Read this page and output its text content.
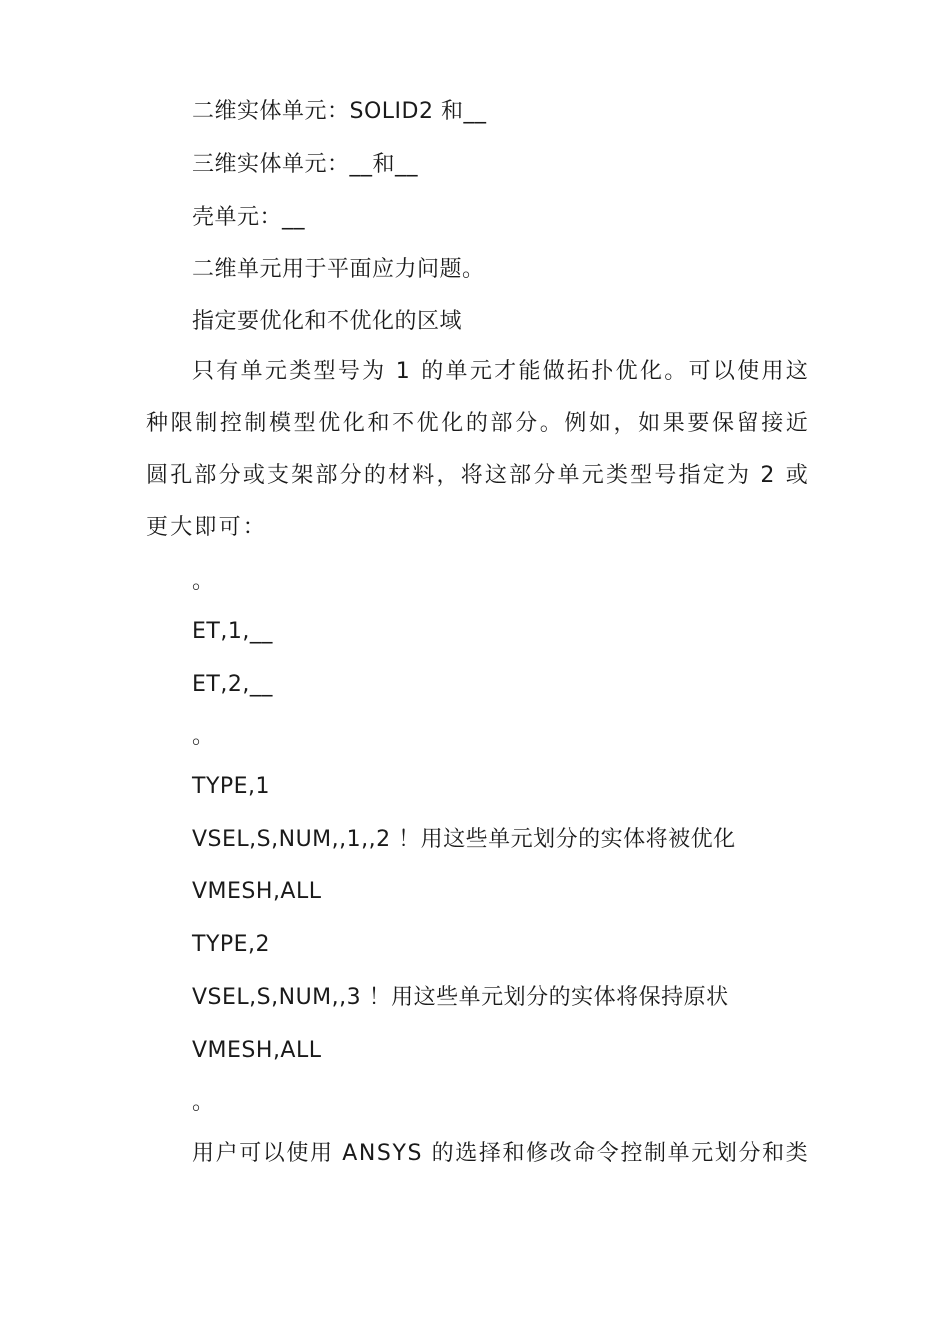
二维实体单元：SOLID2 和__
三维实体单元：__和__
壳单元：__
二维单元用于平面应力问题。
指定要优化和不优化的区域
只有单元类型号为 1 的单元才能做拓扑优化。可以使用这种限制控制模型优化和不优化的部分。例如，如果要保留接近圆孔部分或支架部分的材料，将这部分单元类型号指定为 2 或更大即可：
。
ET,1,__
ET,2,__
。
TYPE,1
VSEL,S,NUM,,1,,2 ！用这些单元划分的实体将被优化
VMESH,ALL
TYPE,2
VSEL,S,NUM,,3 ！用这些单元划分的实体将保持原状
VMESH,ALL
。
用户可以使用 ANSYS 的选择和修改命令控制单元划分和类
